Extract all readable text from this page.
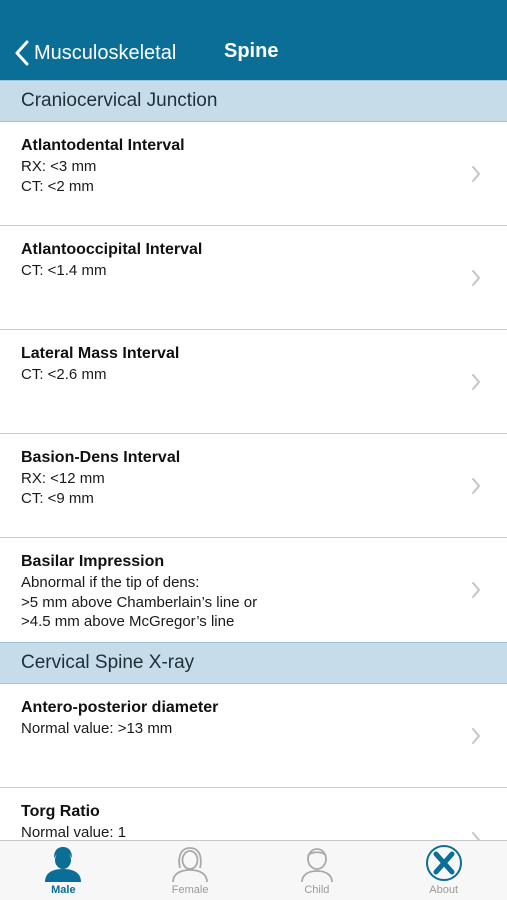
Musculoskeletal Spine
Craniocervical Junction
Atlantodental Interval
RX: <3 mm
CT: <2 mm
Atlantooccipital Interval
CT: <1.4 mm
Lateral Mass Interval
CT: <2.6 mm
Basion-Dens Interval
RX: <12 mm
CT: <9 mm
Basilar Impression
Abnormal if the tip of dens:
>5 mm above Chamberlain’s line or
>4.5 mm above McGregor’s line
Cervical Spine X-ray
Antero-posterior diameter
Normal value: >13 mm
Torg Ratio
Normal value: 1
Male	Female	Child	About
